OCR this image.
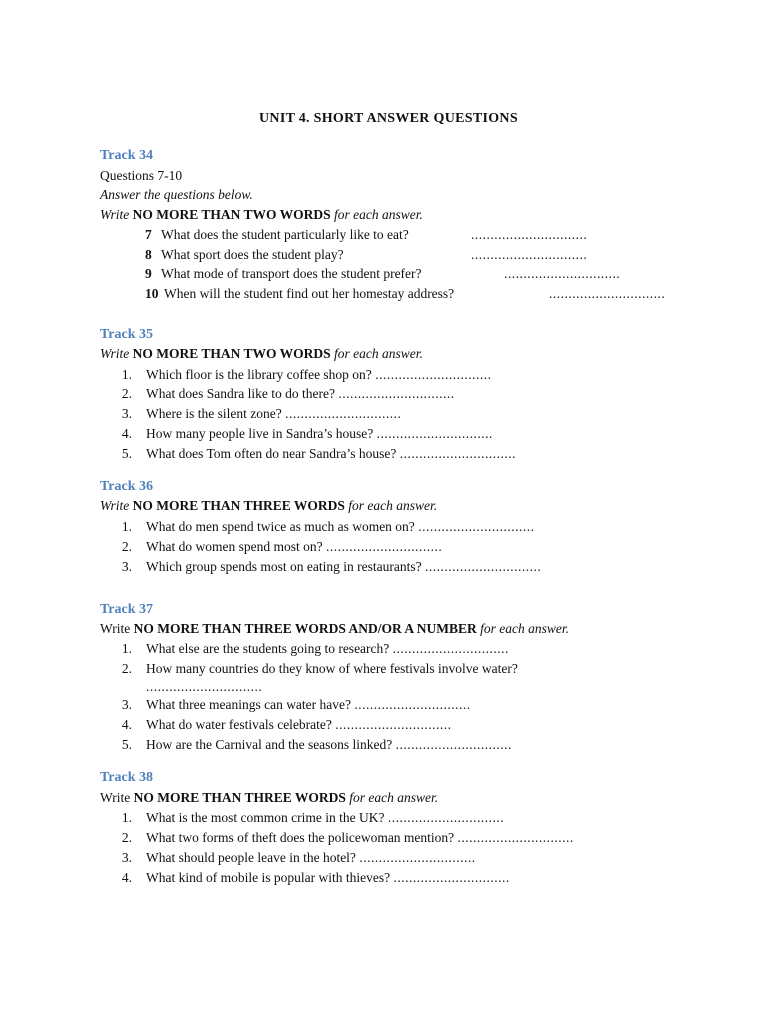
UNIT 4. SHORT ANSWER QUESTIONS
Track 34
Questions 7-10
Answer the questions below.
Write NO MORE THAN TWO WORDS for each answer.
7 What does the student particularly like to eat?	..............................
8 What sport does the student play?	..............................
9 What mode of transport does the student prefer?	..............................
10 When will the student find out her homestay address?	..............................
Track 35
Write NO MORE THAN TWO WORDS for each answer.
1. Which floor is the library coffee shop on? ..............................
2. What does Sandra like to do there? ..............................
3. Where is the silent zone? ..............................
4. How many people live in Sandra’s house? ..............................
5. What does Tom often do near Sandra’s house? ..............................
Track 36
Write NO MORE THAN THREE WORDS for each answer.
1. What do men spend twice as much as women on? ..............................
2. What do women spend most on? ..............................
3. Which group spends most on eating in restaurants? ..............................
Track 37
Write NO MORE THAN THREE WORDS AND/OR A NUMBER for each answer.
1. What else are the students going to research? ..............................
2. How many countries do they know of where festivals involve water?
..............................
3. What three meanings can water have? ..............................
4. What do water festivals celebrate? ..............................
5. How are the Carnival and the seasons linked? ..............................
Track 38
Write NO MORE THAN THREE WORDS for each answer.
1. What is the most common crime in the UK? ..............................
2. What two forms of theft does the policewoman mention? ..............................
3. What should people leave in the hotel? ..............................
4. What kind of mobile is popular with thieves? ..............................
